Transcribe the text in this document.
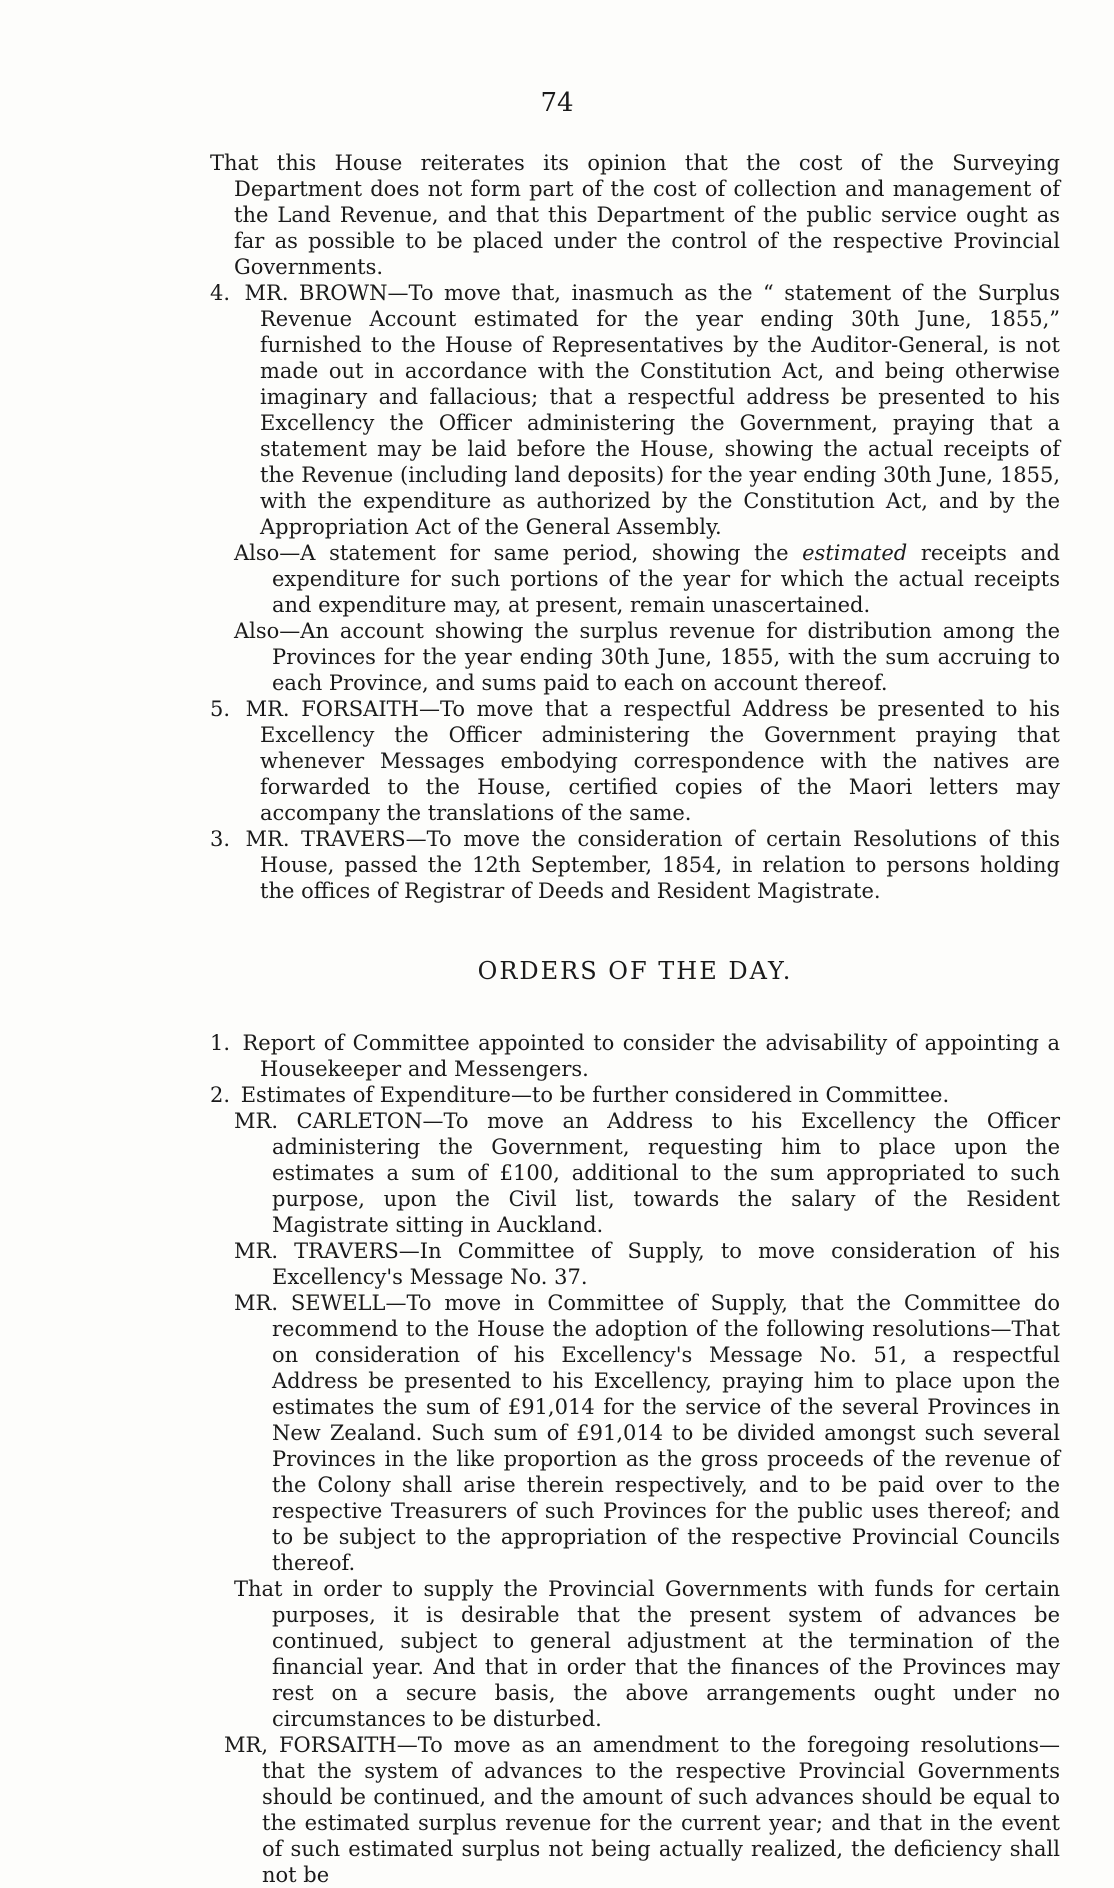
74

That this House reiterates its opinion that the cost of the Surveying Department does not form part of the cost of collection and management of the Land Revenue, and that this Department of the public service ought as far as possible to be placed under the control of the respective Provincial Governments.

4. MR. BROWN—To move that, inasmuch as the “ statement of the Surplus Revenue Account estimated for the year ending 30th June, 1855,” furnished to the House of Representatives by the Auditor-General, is not made out in accordance with the Constitution Act, and being otherwise imaginary and fallacious; that a respectful address be presented to his Excellency the Officer administering the Government, praying that a statement may be laid before the House, showing the actual receipts of the Revenue (including land deposits) for the year ending 30th June, 1855, with the expenditure as authorized by the Constitution Act, and by the Appropriation Act of the General Assembly.

Also—A statement for same period, showing the estimated receipts and expenditure for such portions of the year for which the actual receipts and expenditure may, at present, remain unascertained.

Also—An account showing the surplus revenue for distribution among the Provinces for the year ending 30th June, 1855, with the sum accruing to each Province, and sums paid to each on account thereof.

5. MR. FORSAITH—To move that a respectful Address be presented to his Excellency the Officer administering the Government praying that whenever Messages embodying correspondence with the natives are forwarded to the House, certified copies of the Maori letters may accompany the translations of the same.

3. MR. TRAVERS—To move the consideration of certain Resolutions of this House, passed the 12th September, 1854, in relation to persons holding the offices of Registrar of Deeds and Resident Magistrate.

ORDERS OF THE DAY.

1. Report of Committee appointed to consider the advisability of appointing a Housekeeper and Messengers.

2. Estimates of Expenditure—to be further considered in Committee.

MR. CARLETON—To move an Address to his Excellency the Officer administering the Government, requesting him to place upon the estimates a sum of £100, additional to the sum appropriated to such purpose, upon the Civil list, towards the salary of the Resident Magistrate sitting in Auckland.

MR. TRAVERS—In Committee of Supply, to move consideration of his Excellency's Message No. 37.

MR. SEWELL—To move in Committee of Supply, that the Committee do recommend to the House the adoption of the following resolutions—That on consideration of his Excellency's Message No. 51, a respectful Address be presented to his Excellency, praying him to place upon the estimates the sum of £91,014 for the service of the several Provinces in New Zealand. Such sum of £91,014 to be divided amongst such several Provinces in the like proportion as the gross proceeds of the revenue of the Colony shall arise therein respectively, and to be paid over to the respective Treasurers of such Provinces for the public uses thereof; and to be subject to the appropriation of the respective Provincial Councils thereof.

That in order to supply the Provincial Governments with funds for certain purposes, it is desirable that the present system of advances be continued, subject to general adjustment at the termination of the financial year. And that in order that the finances of the Provinces may rest on a secure basis, the above arrangements ought under no circumstances to be disturbed.

MR, FORSAITH—To move as an amendment to the foregoing resolutions—that the system of advances to the respective Provincial Governments should be continued, and the amount of such advances should be equal to the estimated surplus revenue for the current year; and that in the event of such estimated surplus not being actually realized, the deficiency shall not be
